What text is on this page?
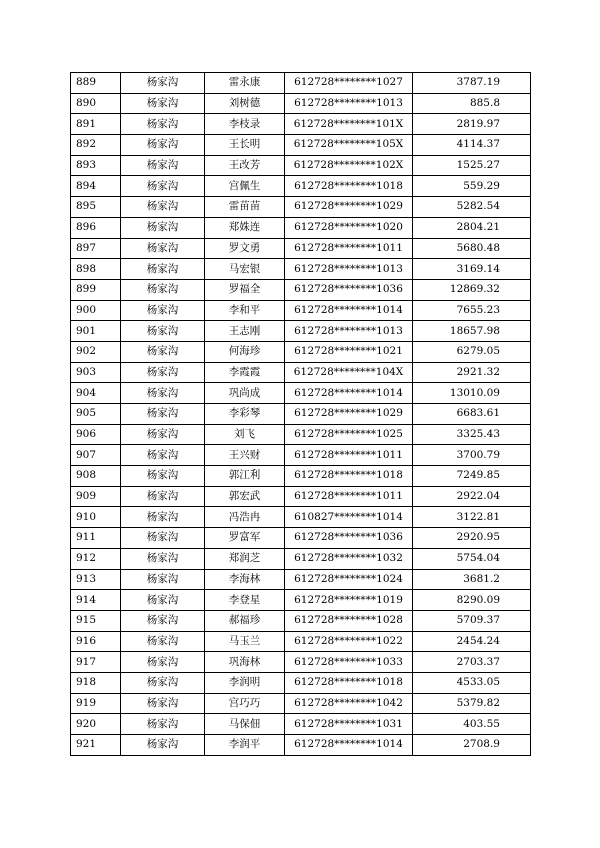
889	杨家沟	雷永康	612728********1027	3787.19
890	杨家沟	刘树德	612728********1013	885.8
891	杨家沟	李枝录	612728********101X	2819.97
892	杨家沟	王长明	612728********105X	4114.37
893	杨家沟	王改芳	612728********102X	1525.27
894	杨家沟	宫佩生	612728********1018	559.29
895	杨家沟	雷苗苗	612728********1029	5282.54
896	杨家沟	郑姝连	612728********1020	2804.21
897	杨家沟	罗文勇	612728********1011	5680.48
898	杨家沟	马宏银	612728********1013	3169.14
899	杨家沟	罗福全	612728********1036	12869.32
900	杨家沟	李和平	612728********1014	7655.23
901	杨家沟	王志刚	612728********1013	18657.98
902	杨家沟	何海珍	612728********1021	6279.05
903	杨家沟	李霞霞	612728********104X	2921.32
904	杨家沟	巩尚成	612728********1014	13010.09
905	杨家沟	李彩琴	612728********1029	6683.61
906	杨家沟	刘飞	612728********1025	3325.43
907	杨家沟	王兴财	612728********1011	3700.79
908	杨家沟	郭江利	612728********1018	7249.85
909	杨家沟	郭宏武	612728********1011	2922.04
910	杨家沟	冯浩冉	610827********1014	3122.81
911	杨家沟	罗富军	612728********1036	2920.95
912	杨家沟	郑润芝	612728********1032	5754.04
913	杨家沟	李海林	612728********1024	3681.2
914	杨家沟	李登星	612728********1019	8290.09
915	杨家沟	郝福珍	612728********1028	5709.37
916	杨家沟	马玉兰	612728********1022	2454.24
917	杨家沟	巩海林	612728********1033	2703.37
918	杨家沟	李润明	612728********1018	4533.05
919	杨家沟	宫巧巧	612728********1042	5379.82
920	杨家沟	马保佃	612728********1031	403.55
921	杨家沟	李润平	612728********1014	2708.9
